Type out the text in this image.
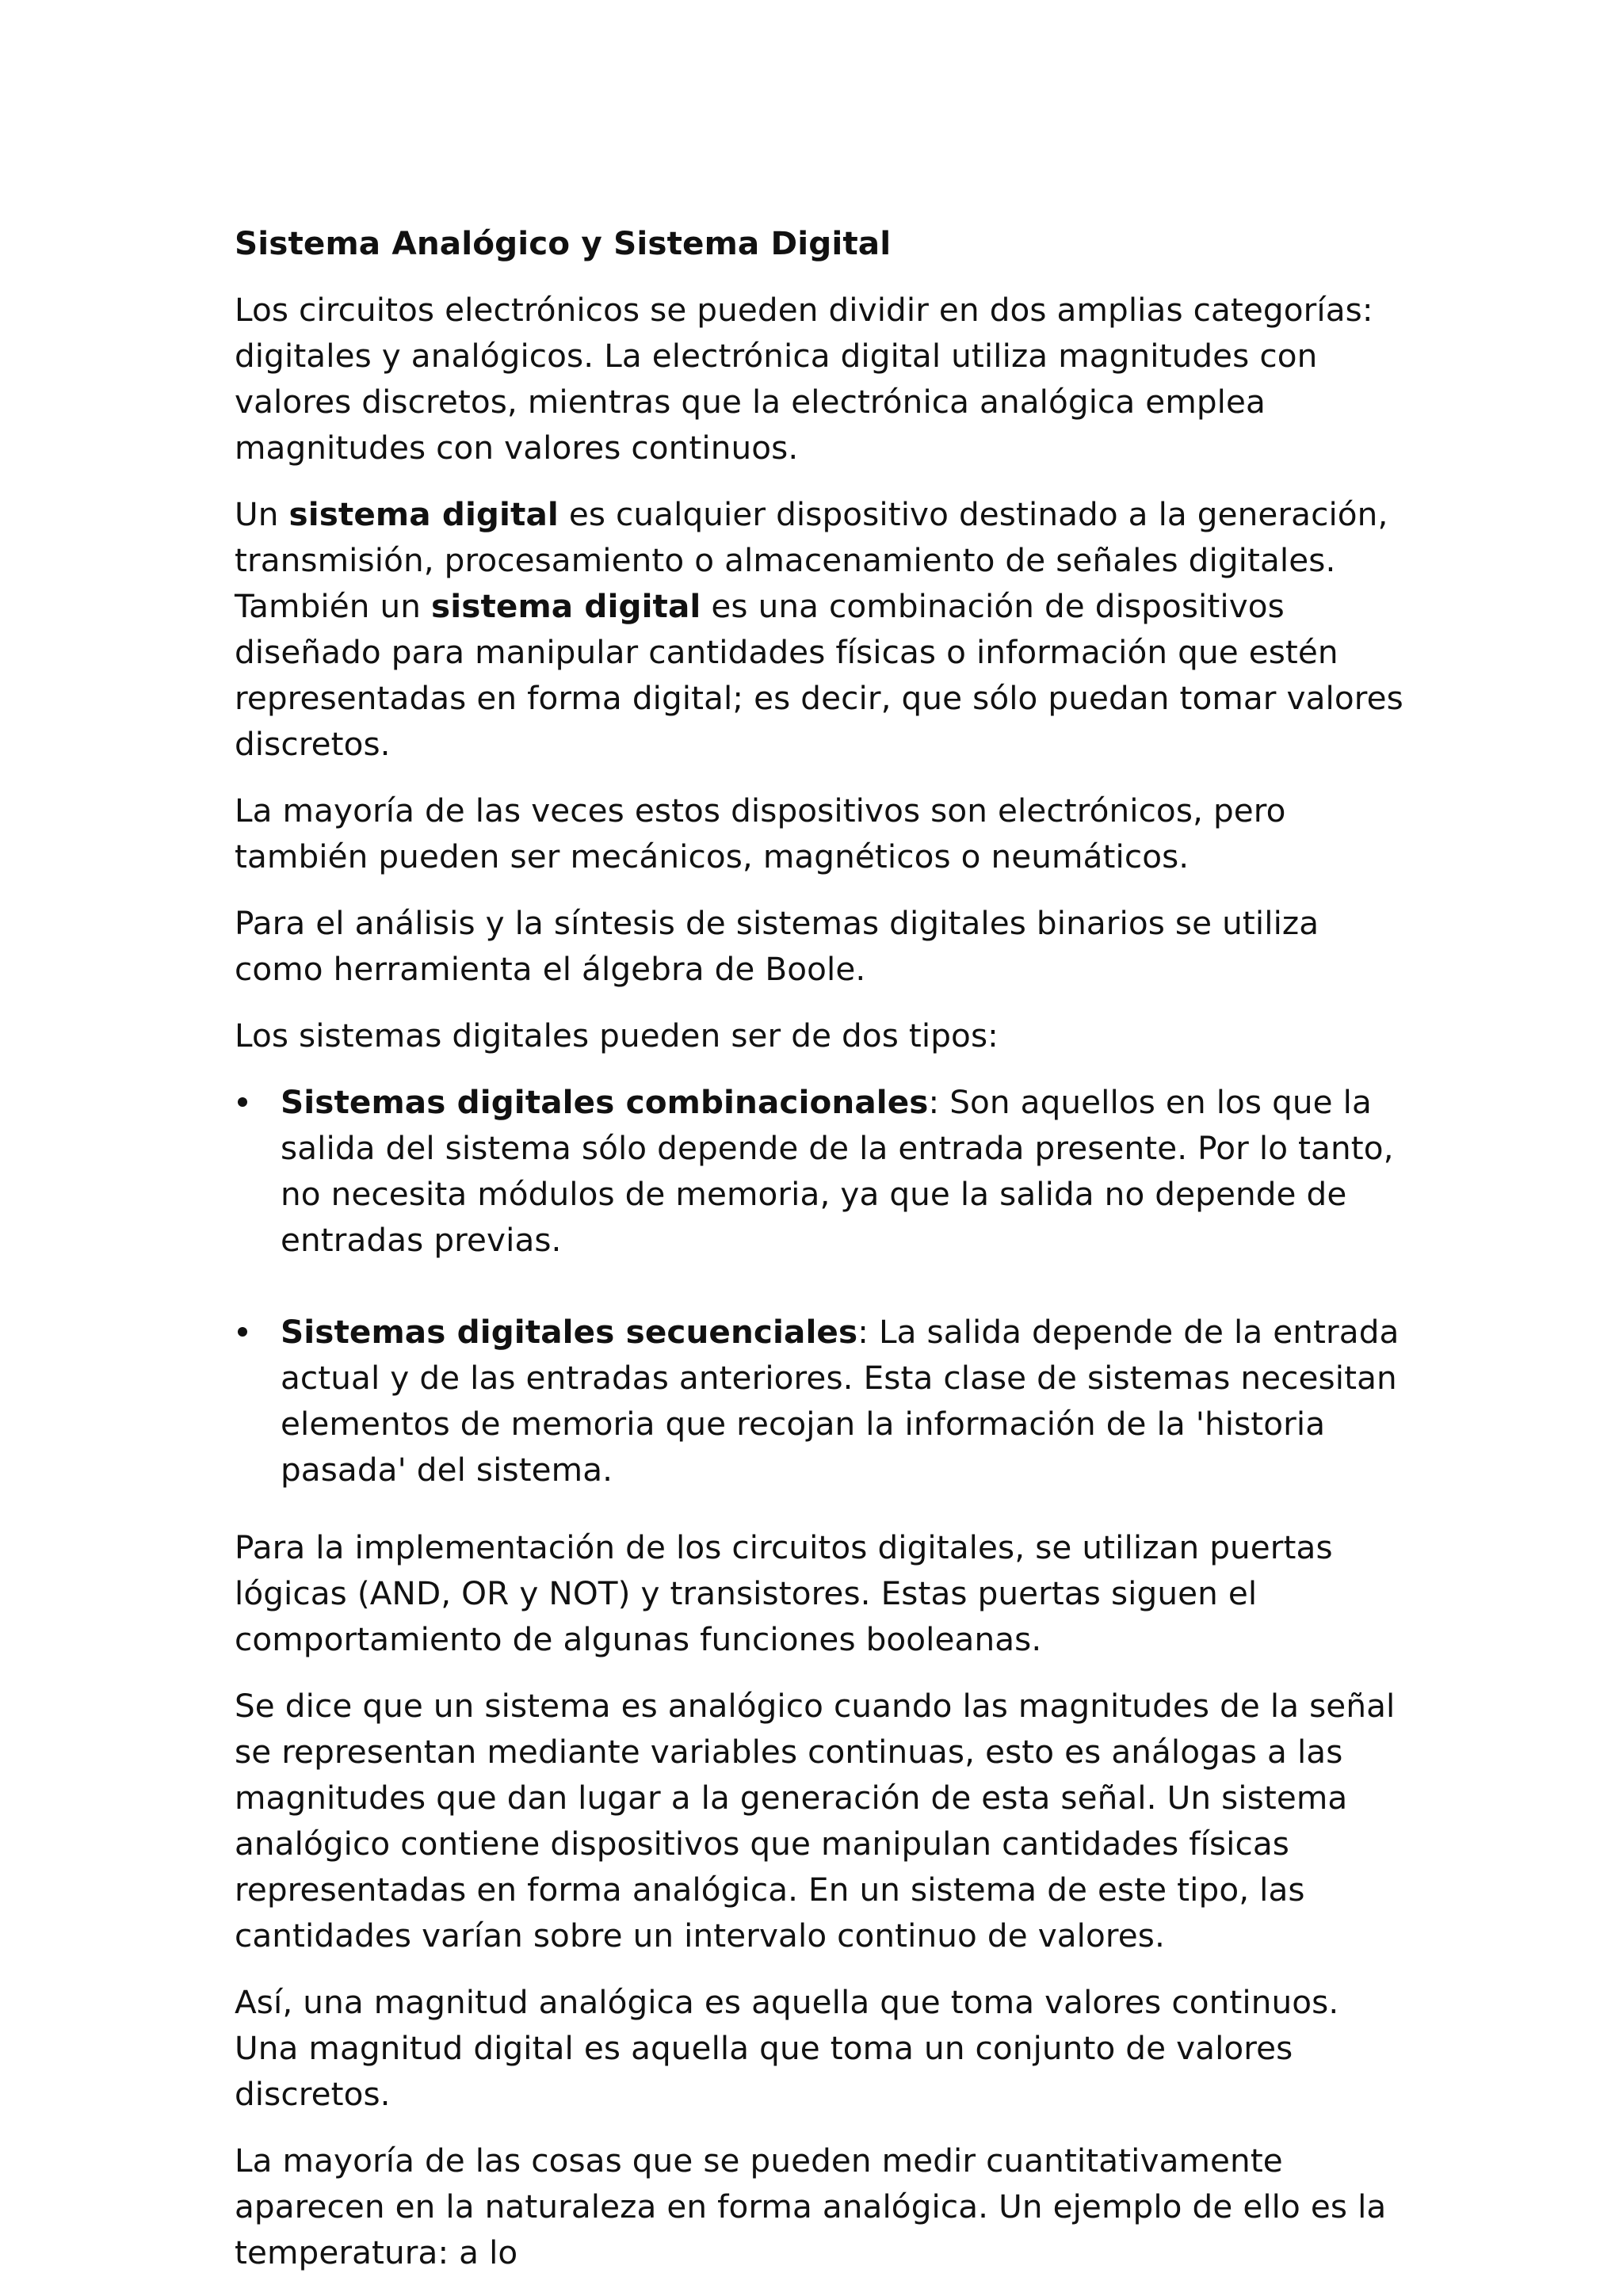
Sistema Analógico y Sistema Digital

Los circuitos electrónicos se pueden dividir en dos amplias categorías: digitales y analógicos. La electrónica digital utiliza magnitudes con valores discretos, mientras que la electrónica analógica emplea magnitudes con valores continuos.

Un sistema digital es cualquier dispositivo destinado a la generación, transmisión, procesamiento o almacenamiento de señales digitales. También un sistema digital es una combinación de dispositivos diseñado para manipular cantidades físicas o información que estén representadas en forma digital; es decir, que sólo puedan tomar valores discretos.

La mayoría de las veces estos dispositivos son electrónicos, pero también pueden ser mecánicos, magnéticos o neumáticos.

Para el análisis y la síntesis de sistemas digitales binarios se utiliza como herramienta el álgebra de Boole.

Los sistemas digitales pueden ser de dos tipos:

Sistemas digitales combinacionales: Son aquellos en los que la salida del sistema sólo depende de la entrada presente. Por lo tanto, no necesita módulos de memoria, ya que la salida no depende de entradas previas.
Sistemas digitales secuenciales: La salida depende de la entrada actual y de las entradas anteriores. Esta clase de sistemas necesitan elementos de memoria que recojan la información de la 'historia pasada' del sistema.

Para la implementación de los circuitos digitales, se utilizan puertas lógicas (AND, OR y NOT) y transistores. Estas puertas siguen el comportamiento de algunas funciones booleanas.

Se dice que un sistema es analógico cuando las magnitudes de la señal se representan mediante variables continuas, esto es análogas a las magnitudes que dan lugar a la generación de esta señal. Un sistema analógico contiene dispositivos que manipulan cantidades físicas representadas en forma analógica. En un sistema de este tipo, las cantidades varían sobre un intervalo continuo de valores.

Así, una magnitud analógica es aquella que toma valores continuos. Una magnitud digital es aquella que toma un conjunto de valores discretos.

La mayoría de las cosas que se pueden medir cuantitativamente aparecen en la naturaleza en forma analógica. Un ejemplo de ello es la temperatura: a lo
